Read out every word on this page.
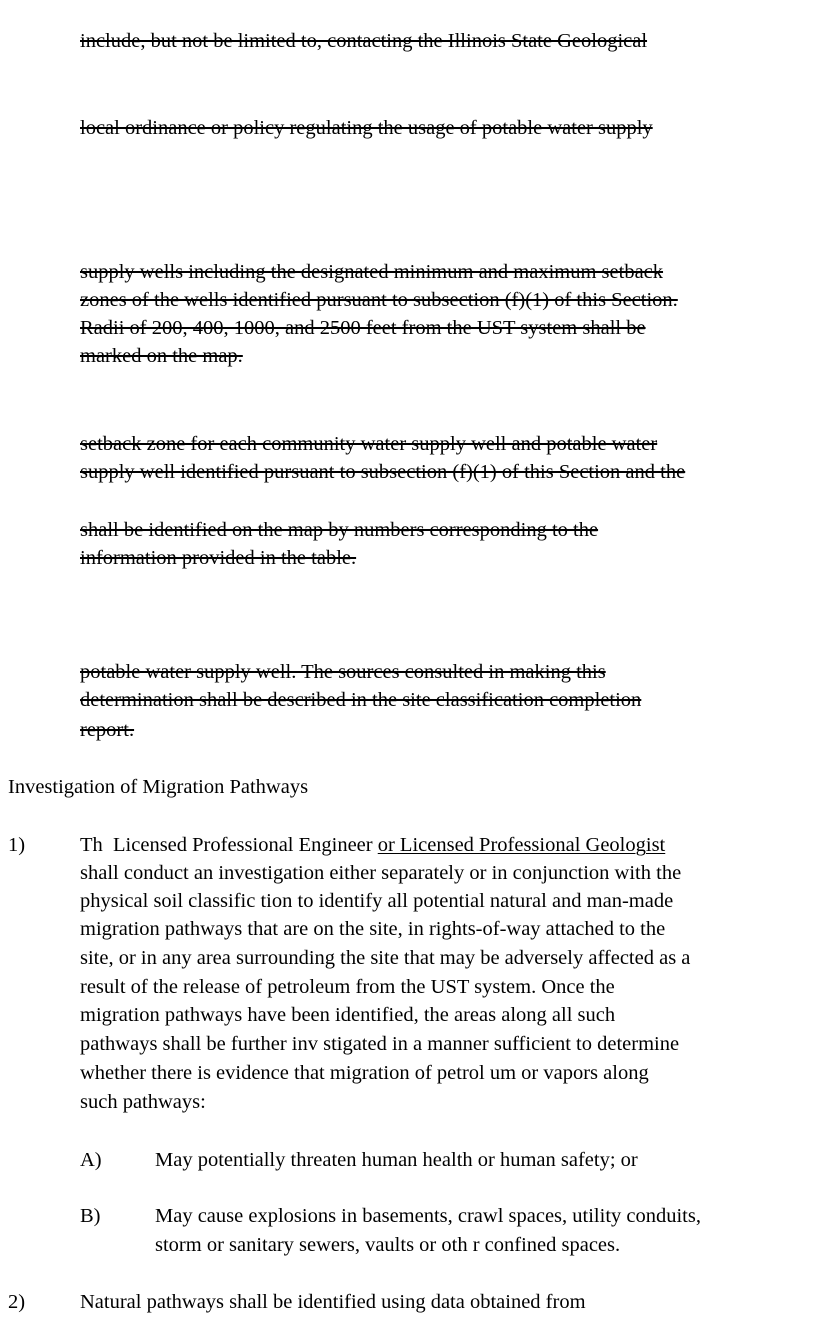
include, but not be limited to, contacting the Illinois State Geological
local ordinance or policy regulating the usage of potable water supply
supply wells including the designated minimum and maximum setback
zones of the wells identified pursuant to subsection (f)(1) of this Section.
Radii of 200, 400, 1000, and 2500 feet from the UST system shall be
marked on the map.
setback zone for each community water supply well and potable water
supply well identified pursuant to subsection (f)(1) of this Section and the
shall be identified on the map by numbers corresponding to the
information provided in the table.
potable water supply well. The sources consulted in making this
determination shall be described in the site classification completion
report.
Investigation of Migration Pathways
1)	Th  Licensed Professional Engineer or Licensed Professional Geologist
shall conduct an investigation either separately or in conjunction with the
physical soil classific tion to identify all potential natural and man-made
migration pathways that are on the site, in rights-of-way attached to the
site, or in any area surrounding the site that may be adversely affected as a
result of the release of petroleum from the UST system. Once the
migration pathways have been identified, the areas along all such
pathways shall be further inv stigated in a manner sufficient to determine
whether there is evidence that migration of petrol um or vapors along
such pathways:
A)	May potentially threaten human health or human safety; or
B)	May cause explosions in basements, crawl spaces, utility conduits,
storm or sanitary sewers, vaults or oth r confined spaces.
2)	Natural pathways shall be identified using data obtained from
